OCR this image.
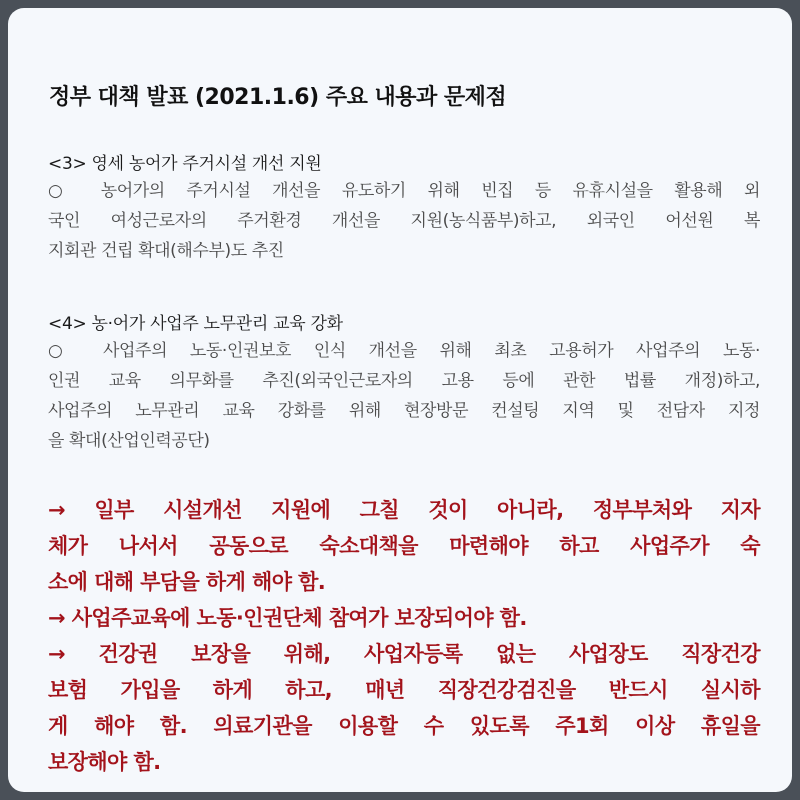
정부 대책 발표 (2021.1.6) 주요 내용과 문제점
<3> 영세 농어가 주거시설 개선 지원
○ 농어가의 주거시설 개선을 유도하기 위해 빈집 등 유휴시설을 활용해 외
국인 여성근로자의 주거환경 개선을 지원(농식품부)하고, 외국인 어선원 복
지회관 건립 확대(해수부)도 추진
<4> 농·어가 사업주 노무관리 교육 강화
○ 사업주의 노동·인권보호 인식 개선을 위해 최초 고용허가 사업주의 노동·
인권 교육 의무화를 추진(외국인근로자의 고용 등에 관한 법률 개정)하고,
사업주의 노무관리 교육 강화를 위해 현장방문 컨설팅 지역 및 전담자 지정
을 확대(산업인력공단)
→ 일부 시설개선 지원에 그칠 것이 아니라, 정부부처와 지자
체가 나서서 공동으로 숙소대책을 마련해야 하고 사업주가 숙
소에 대해 부담을 하게 해야 함.
→ 사업주교육에 노동·인권단체 참여가 보장되어야 함.
→ 건강권 보장을 위해, 사업자등록 없는 사업장도 직장건강
보험 가입을 하게 하고, 매년 직장건강검진을 반드시 실시하
게 해야 함. 의료기관을 이용할 수 있도록 주1회 이상 휴일을
보장해야 함.
